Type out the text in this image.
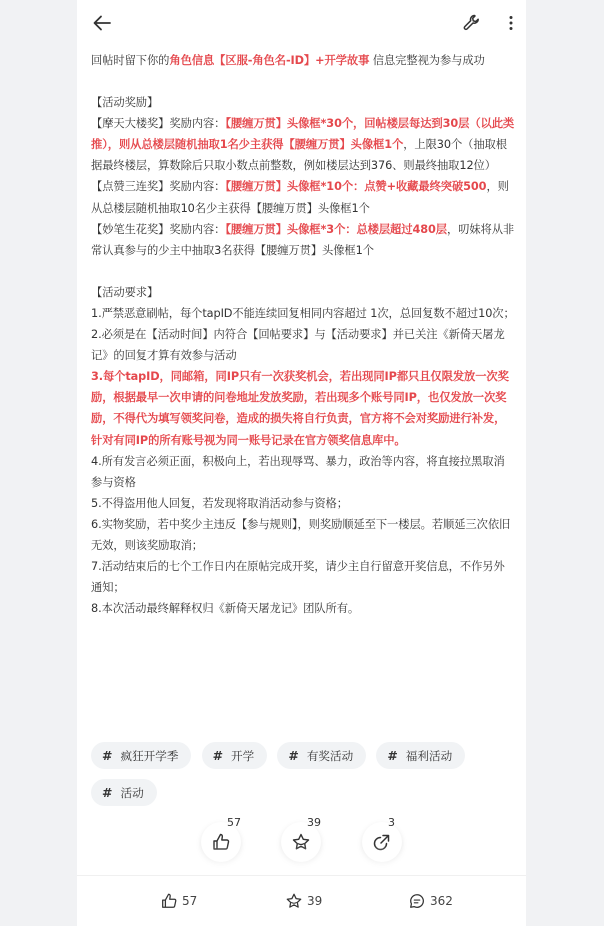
回帖时留下你的角色信息【区服-角色名-ID】+开学故事 信息完整视为参与成功
【活动奖励】
【摩天大楼奖】奖励内容：【腰缠万贯】头像框*30个，回帖楼层每达到30层（以此类推），则从总楼层随机抽取1名少主获得【腰缠万贯】头像框1个，上限30个（抽取根据最终楼层，算数除后只取小数点前整数，例如楼层达到376、则最终抽取12位）
【点赞三连奖】奖励内容：【腰缠万贯】头像框*10个：点赞+收藏最终突破500，则从总楼层随机抽取10名少主获得【腰缠万贯】头像框1个
【妙笔生花奖】奖励内容：【腰缠万贯】头像框*3个：总楼层超过480层，叨妹将从非常认真参与的少主中抽取3名获得【腰缠万贯】头像框1个
【活动要求】
1.严禁恶意刷帖，每个tapID不能连续回复相同内容超过 1次，总回复数不超过10次；
2.必须是在【活动时间】内符合【回帖要求】与【活动要求】并已关注《新倚天屠龙记》的回复才算有效参与活动
3.每个tapID，同邮箱，同IP只有一次获奖机会，若出现同IP都只且仅限发放一次奖励，根据最早一次申请的问卷地址发放奖励，若出现多个账号同IP，也仅发放一次奖励，不得代为填写领奖问卷，造成的损失将自行负责，官方将不会对奖励进行补发，针对有同IP的所有账号视为同一账号记录在官方领奖信息库中。
4.所有发言必须正面，积极向上，若出现辱骂、暴力，政治等内容，将直接拉黑取消参与资格
5.不得盗用他人回复，若发现将取消活动参与资格；
6.实物奖励，若中奖少主违反【参与规则】，则奖励顺延至下一楼层。若顺延三次依旧无效，则该奖励取消；
7.活动结束后的七个工作日内在原帖完成开奖，请少主自行留意开奖信息，不作另外通知；
8.本次活动最终解释权归《新倚天屠龙记》团队所有。
# 疯狂开学季
	# 开学
	# 有奖活动
	# 福利活动

# 活动
57	39	3
57	39	362
